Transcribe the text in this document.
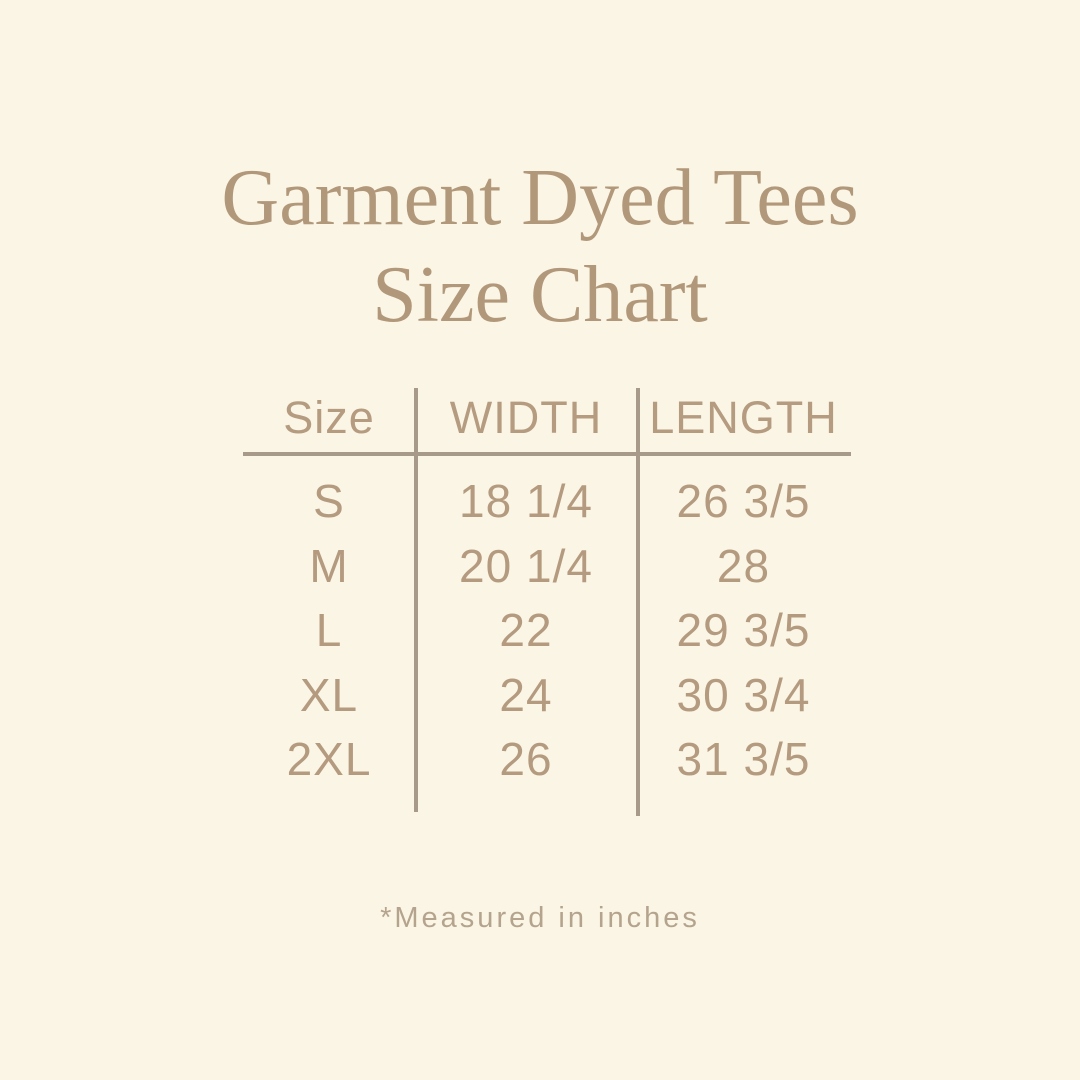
Garment Dyed Tees
Size Chart
Size	WIDTH	LENGTH
S	18 1/4	26 3/5
M	20 1/4	28
L	22	29 3/5
XL	24	30 3/4
2XL	26	31 3/5
*Measured in inches
